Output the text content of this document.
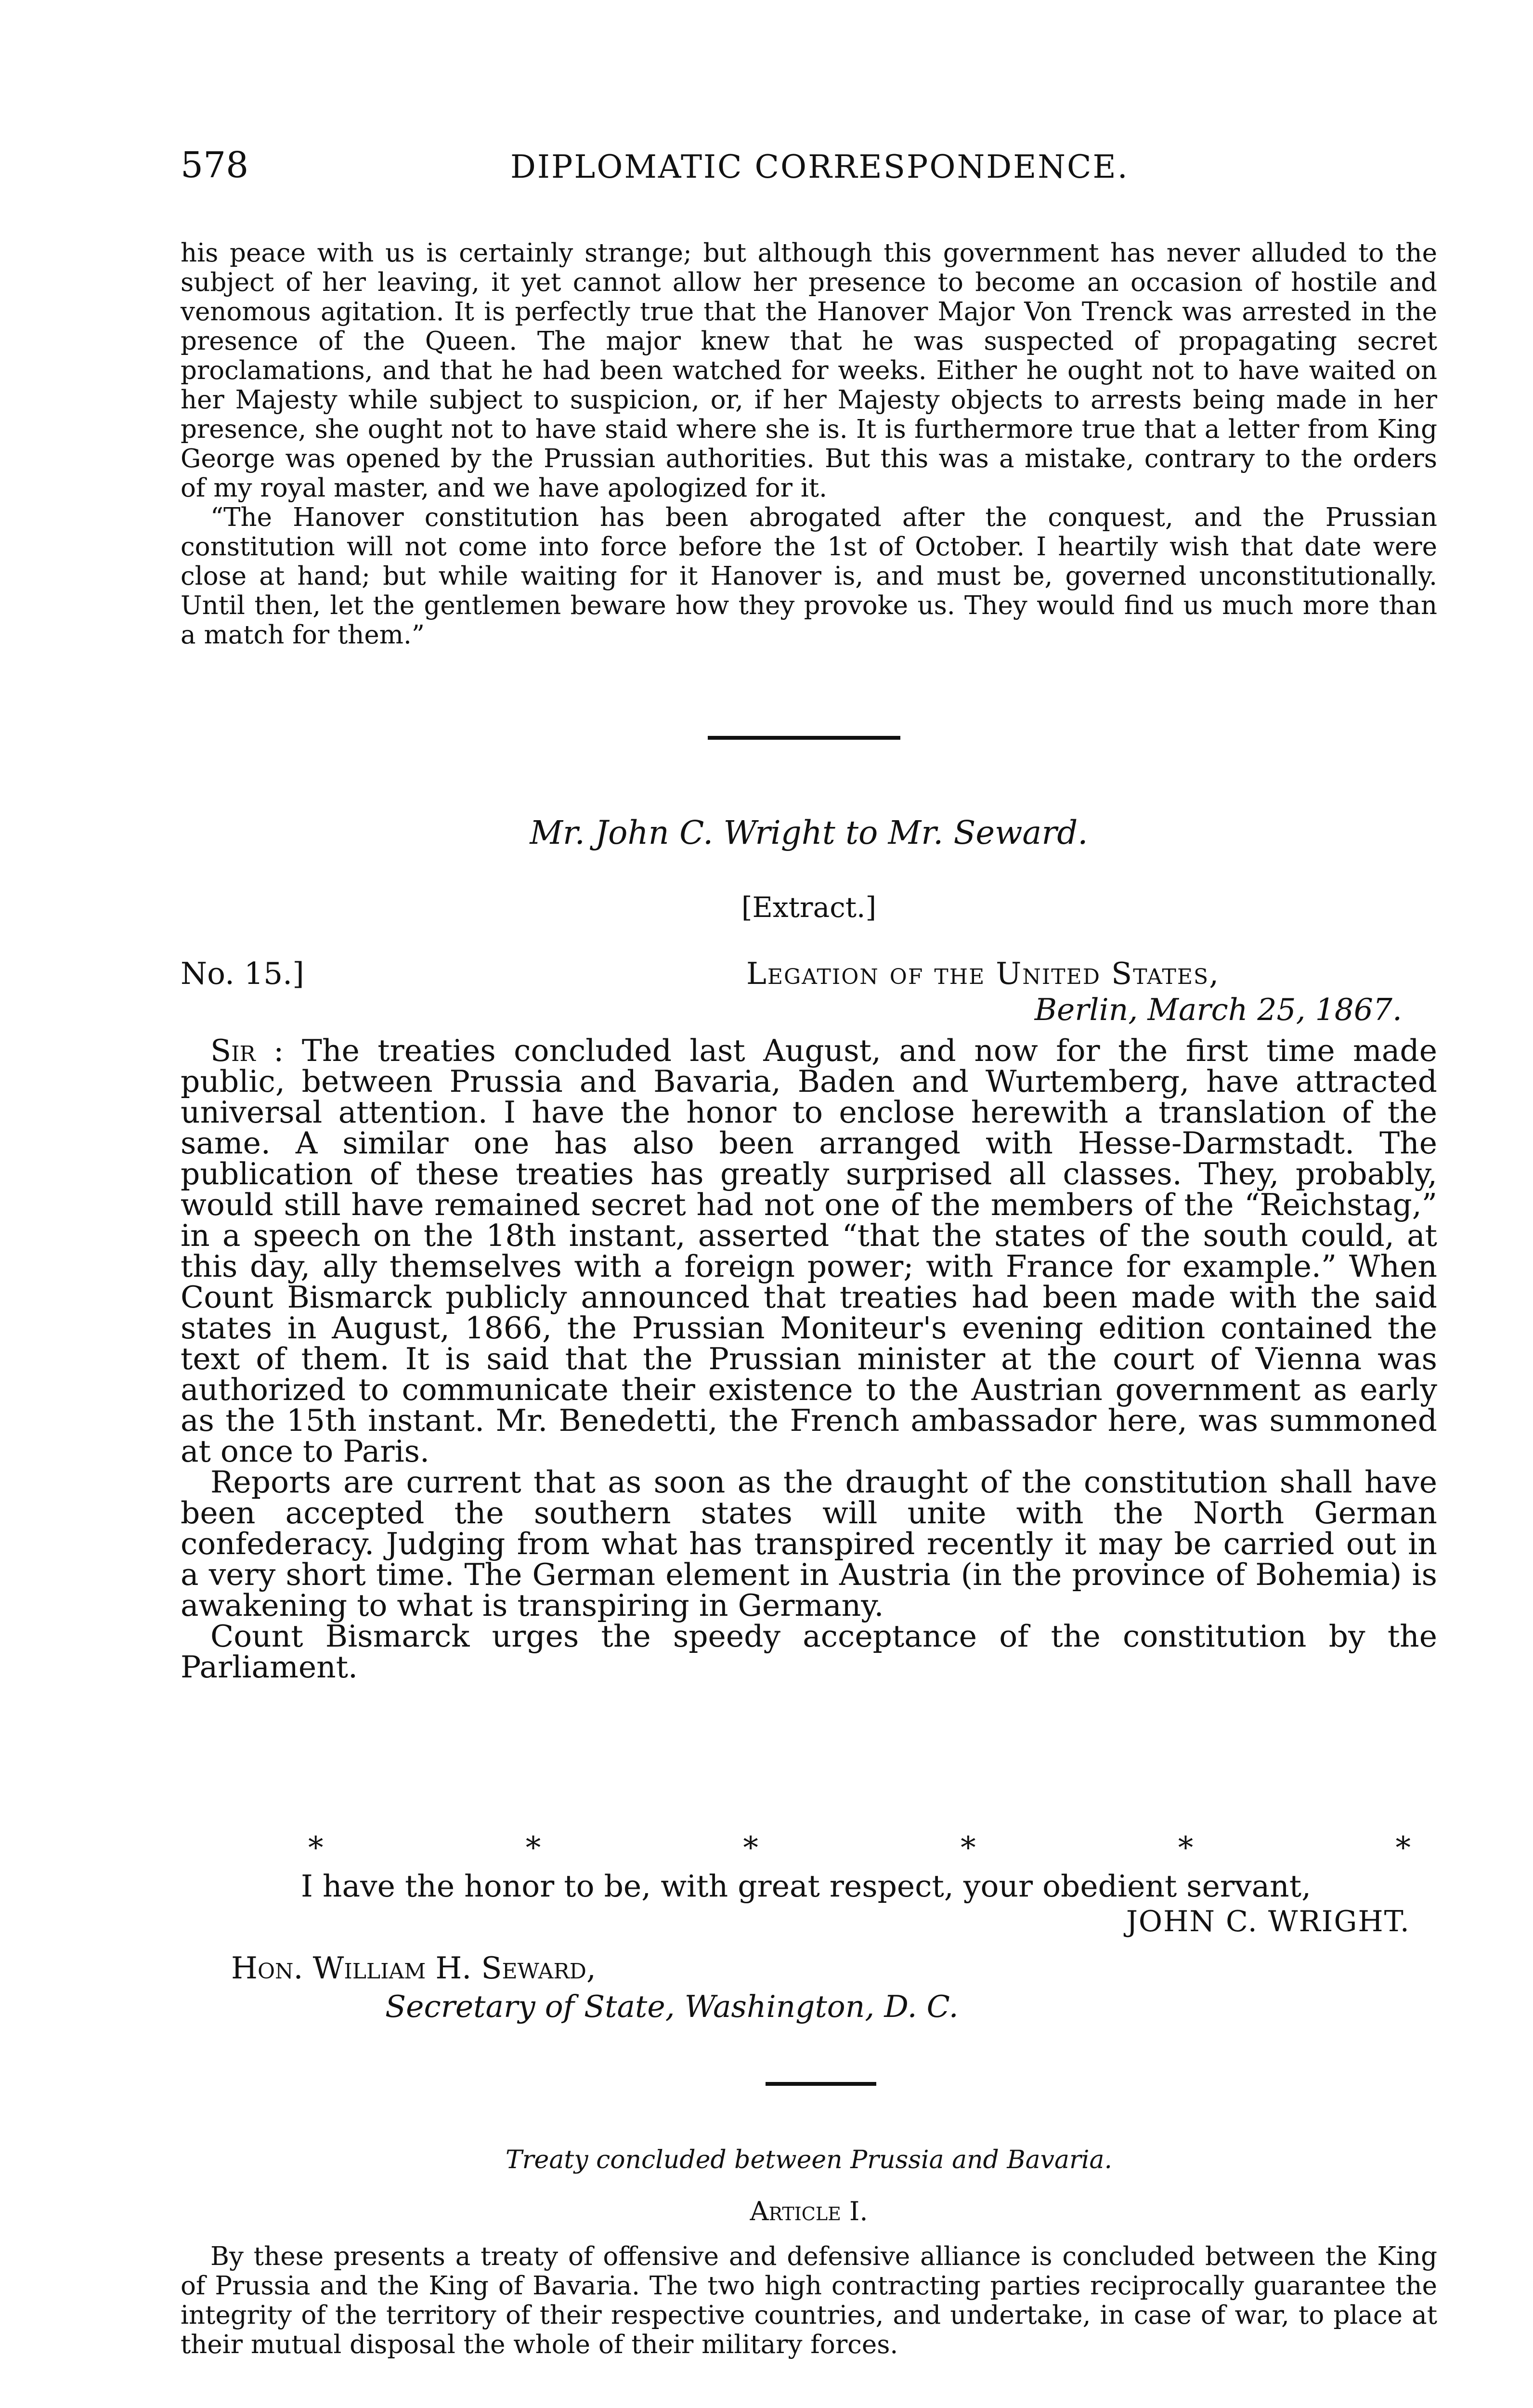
578	DIPLOMATIC CORRESPONDENCE.

his peace with us is certainly strange; but although this government has never alluded to the subject of her leaving, it yet cannot allow her presence to become an occasion of hostile and venomous agitation. It is perfectly true that the Hanover Major Von Trenck was arrested in the presence of the Queen. The major knew that he was suspected of propagating secret proclamations, and that he had been watched for weeks. Either he ought not to have waited on her Majesty while subject to suspicion, or, if her Majesty objects to arrests being made in her presence, she ought not to have staid where she is. It is furthermore true that a letter from King George was opened by the Prussian authorities. But this was a mistake, contrary to the orders of my royal master, and we have apologized for it.

“The Hanover constitution has been abrogated after the conquest, and the Prussian constitution will not come into force before the 1st of October. I heartily wish that date were close at hand; but while waiting for it Hanover is, and must be, governed unconstitutionally. Until then, let the gentlemen beware how they provoke us. They would find us much more than a match for them.”

Mr. John C. Wright to Mr. Seward.
[Extract.]
No. 15.]	Legation of the United States,
Berlin, March 25, 1867.

Sir : The treaties concluded last August, and now for the first time made public, between Prussia and Bavaria, Baden and Wurtemberg, have attracted universal attention. I have the honor to enclose herewith a translation of the same. A similar one has also been arranged with Hesse-Darmstadt. The publication of these treaties has greatly surprised all classes. They, probably, would still have remained secret had not one of the members of the “Reichstag,” in a speech on the 18th instant, asserted “that the states of the south could, at this day, ally themselves with a foreign power; with France for example.” When Count Bismarck publicly announced that treaties had been made with the said states in August, 1866, the Prussian Moniteur's evening edition contained the text of them. It is said that the Prussian minister at the court of Vienna was authorized to communicate their existence to the Austrian government as early as the 15th instant. Mr. Benedetti, the French ambassador here, was summoned at once to Paris.

Reports are current that as soon as the draught of the constitution shall have been accepted the southern states will unite with the North German confederacy. Judging from what has transpired recently it may be carried out in a very short time. The German element in Austria (in the province of Bohemia) is awakening to what is transpiring in Germany.

Count Bismarck urges the speedy acceptance of the constitution by the Parliament.

*	*	*	*	*	*
I have the honor to be, with great respect, your obedient servant,
JOHN C. WRIGHT.
Hon. William H. Seward,
Secretary of State, Washington, D. C.
Treaty concluded between Prussia and Bavaria.
Article I.

By these presents a treaty of offensive and defensive alliance is concluded between the King of Prussia and the King of Bavaria. The two high contracting parties reciprocally guarantee the integrity of the territory of their respective countries, and undertake, in case of war, to place at their mutual disposal the whole of their military forces.
